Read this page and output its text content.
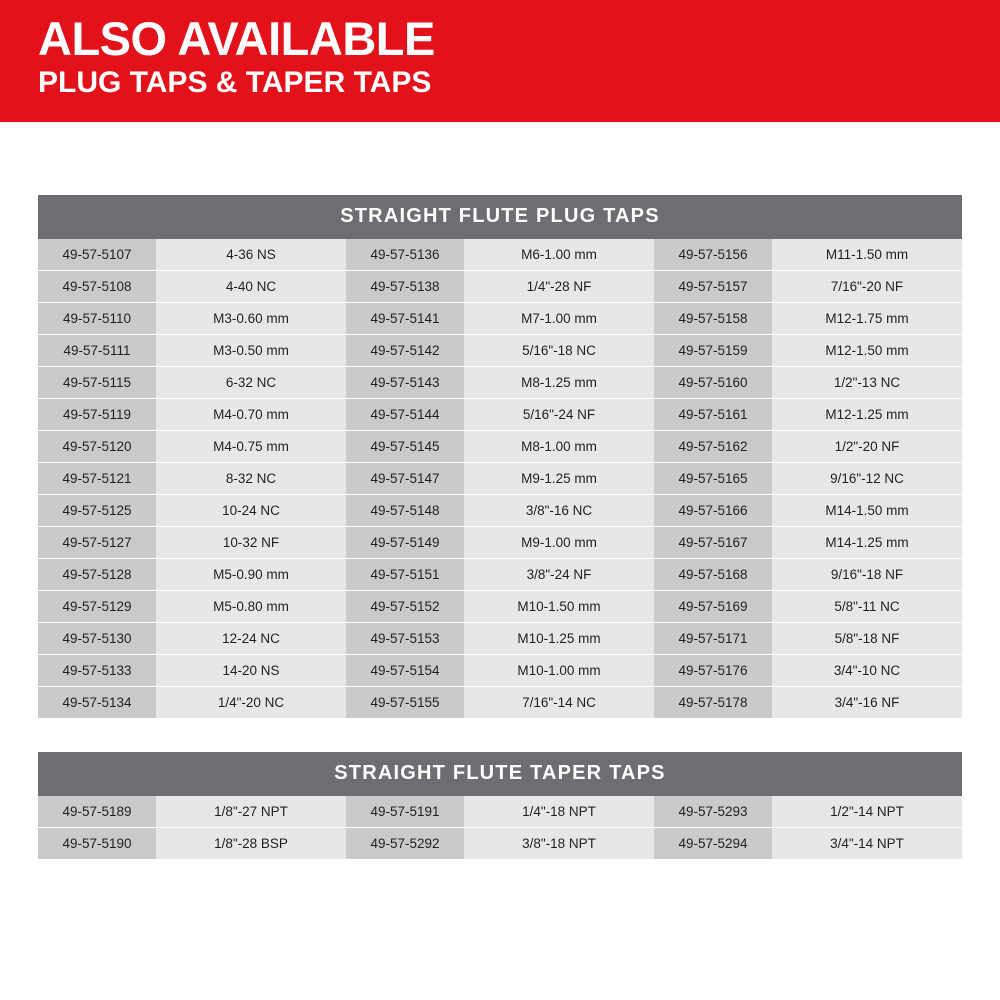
ALSO AVAILABLE
PLUG TAPS & TAPER TAPS
STRAIGHT FLUTE PLUG TAPS
49-57-5107	4-36 NS	49-57-5136	M6-1.00 mm	49-57-5156	M11-1.50 mm
49-57-5108	4-40 NC	49-57-5138	1/4"-28 NF	49-57-5157	7/16"-20 NF
49-57-5110	M3-0.60 mm	49-57-5141	M7-1.00 mm	49-57-5158	M12-1.75 mm
49-57-5111	M3-0.50 mm	49-57-5142	5/16"-18 NC	49-57-5159	M12-1.50 mm
49-57-5115	6-32 NC	49-57-5143	M8-1.25 mm	49-57-5160	1/2"-13 NC
49-57-5119	M4-0.70 mm	49-57-5144	5/16"-24 NF	49-57-5161	M12-1.25 mm
49-57-5120	M4-0.75 mm	49-57-5145	M8-1.00 mm	49-57-5162	1/2"-20 NF
49-57-5121	8-32 NC	49-57-5147	M9-1.25 mm	49-57-5165	9/16"-12 NC
49-57-5125	10-24 NC	49-57-5148	3/8"-16 NC	49-57-5166	M14-1.50 mm
49-57-5127	10-32 NF	49-57-5149	M9-1.00 mm	49-57-5167	M14-1.25 mm
49-57-5128	M5-0.90 mm	49-57-5151	3/8"-24 NF	49-57-5168	9/16"-18 NF
49-57-5129	M5-0.80 mm	49-57-5152	M10-1.50 mm	49-57-5169	5/8"-11 NC
49-57-5130	12-24 NC	49-57-5153	M10-1.25 mm	49-57-5171	5/8"-18 NF
49-57-5133	14-20 NS	49-57-5154	M10-1.00 mm	49-57-5176	3/4"-10 NC
49-57-5134	1/4"-20 NC	49-57-5155	7/16"-14 NC	49-57-5178	3/4"-16 NF
STRAIGHT FLUTE TAPER TAPS
49-57-5189	1/8"-27 NPT	49-57-5191	1/4"-18 NPT	49-57-5293	1/2"-14 NPT
49-57-5190	1/8"-28 BSP	49-57-5292	3/8"-18 NPT	49-57-5294	3/4"-14 NPT
